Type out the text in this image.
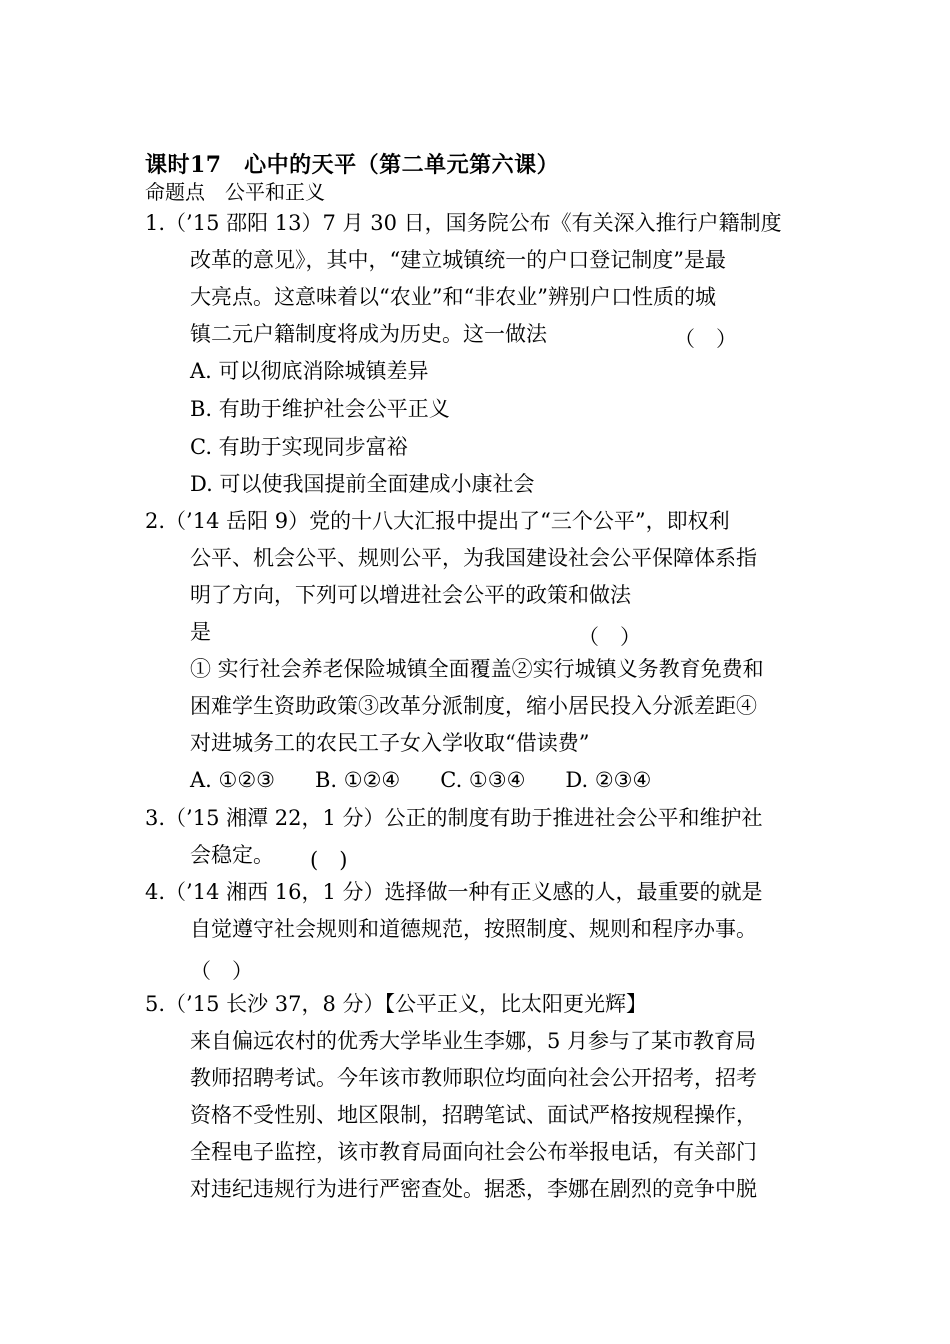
课时17　心中的天平（第二单元第六课）
命题点　公平和正义
1.（’15 邵阳 13）7 月 30 日，国务院公布《有关深入推行户籍制度
改革的意见》，其中，“建立城镇统一的户口登记制度”是最
大亮点。这意味着以“农业”和“非农业”辨别户口性质的城
镇二元户籍制度将成为历史。这一做法	（　）
A. 可以彻底消除城镇差异
B. 有助于维护社会公平正义
C. 有助于实现同步富裕
D. 可以使我国提前全面建成小康社会
2.（’14 岳阳 9）党的十八大汇报中提出了“三个公平”，即权利
公平、机会公平、规则公平，为我国建设社会公平保障体系指
明了方向，下列可以增进社会公平的政策和做法
是	（　）
① 实行社会养老保险城镇全面覆盖②实行城镇义务教育免费和
困难学生资助政策③改革分派制度，缩小居民投入分派差距④
对进城务工的农民工子女入学收取“借读费”
A. ①②③ B. ①②④ C. ①③④ D. ②③④
3.（’15 湘潭 22，1 分）公正的制度有助于推进社会公平和维护社
会稳定。 (　)
4.（’14 湘西 16，1 分）选择做一种有正义感的人，最重要的就是
自觉遵守社会规则和道德规范，按照制度、规则和程序办事。
（　）
5.（’15 长沙 37，8 分）【公平正义，比太阳更光辉】
来自偏远农村的优秀大学毕业生李娜，5 月参与了某市教育局
教师招聘考试。今年该市教师职位均面向社会公开招考，招考
资格不受性别、地区限制，招聘笔试、面试严格按规程操作，
全程电子监控，该市教育局面向社会公布举报电话，有关部门
对违纪违规行为进行严密查处。据悉，李娜在剧烈的竞争中脱
